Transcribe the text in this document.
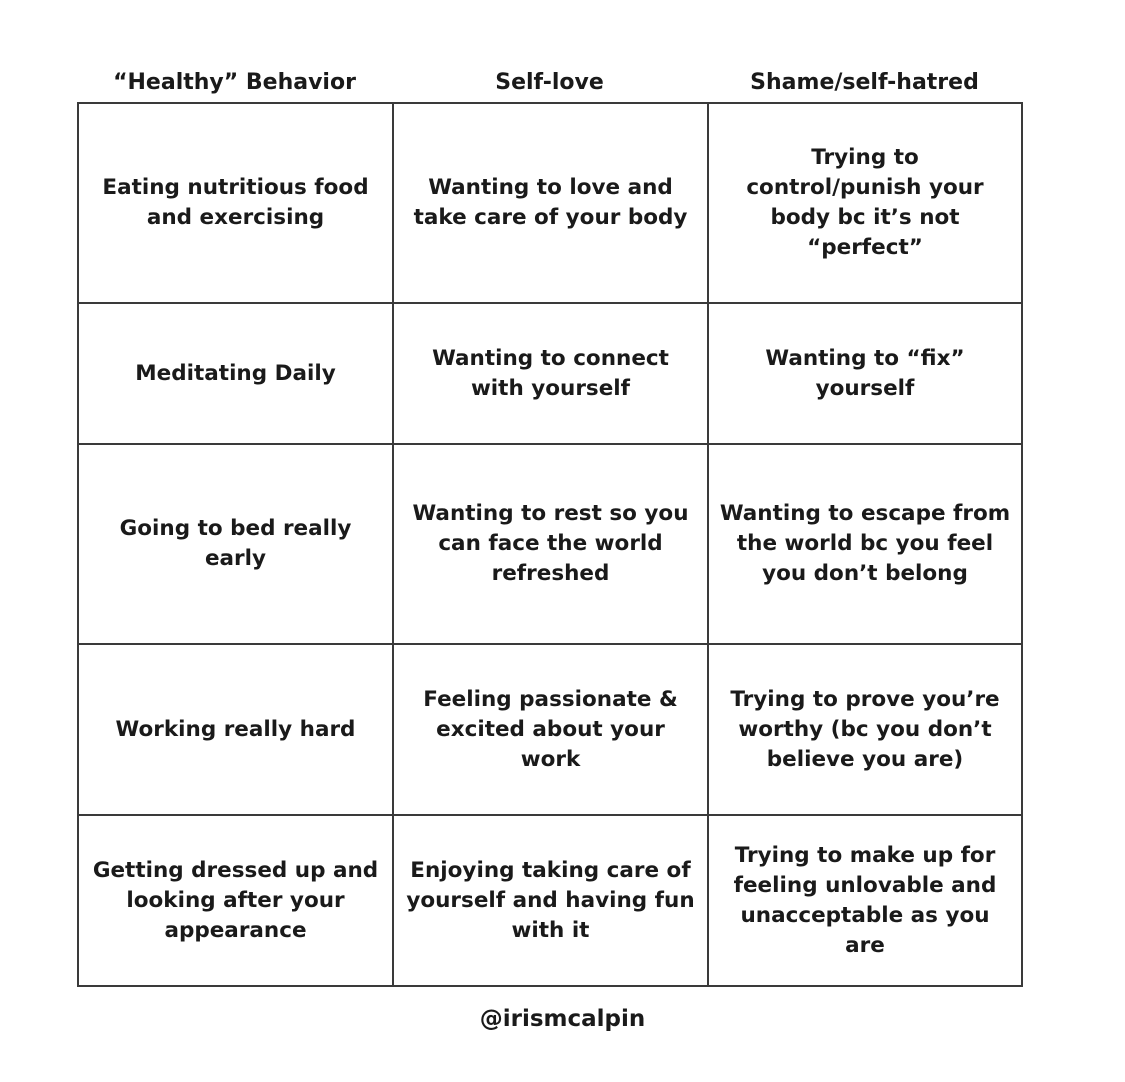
“Healthy” Behavior	Self-love	Shame/self-hatred
Eating nutritious food and exercising
Wanting to love and take care of your body
Trying to control/punish your body bc it’s not “perfect”
Meditating Daily
Wanting to connect with yourself
Wanting to “fix” yourself
Going to bed really early
Wanting to rest so you can face the world refreshed
Wanting to escape from the world bc you feel you don’t belong
Working really hard
Feeling passionate & excited about your work
Trying to prove you’re worthy (bc you don’t believe you are)
Getting dressed up and looking after your appearance
Enjoying taking care of yourself and having fun with it
Trying to make up for feeling unlovable and unacceptable as you are
@irismcalpin
